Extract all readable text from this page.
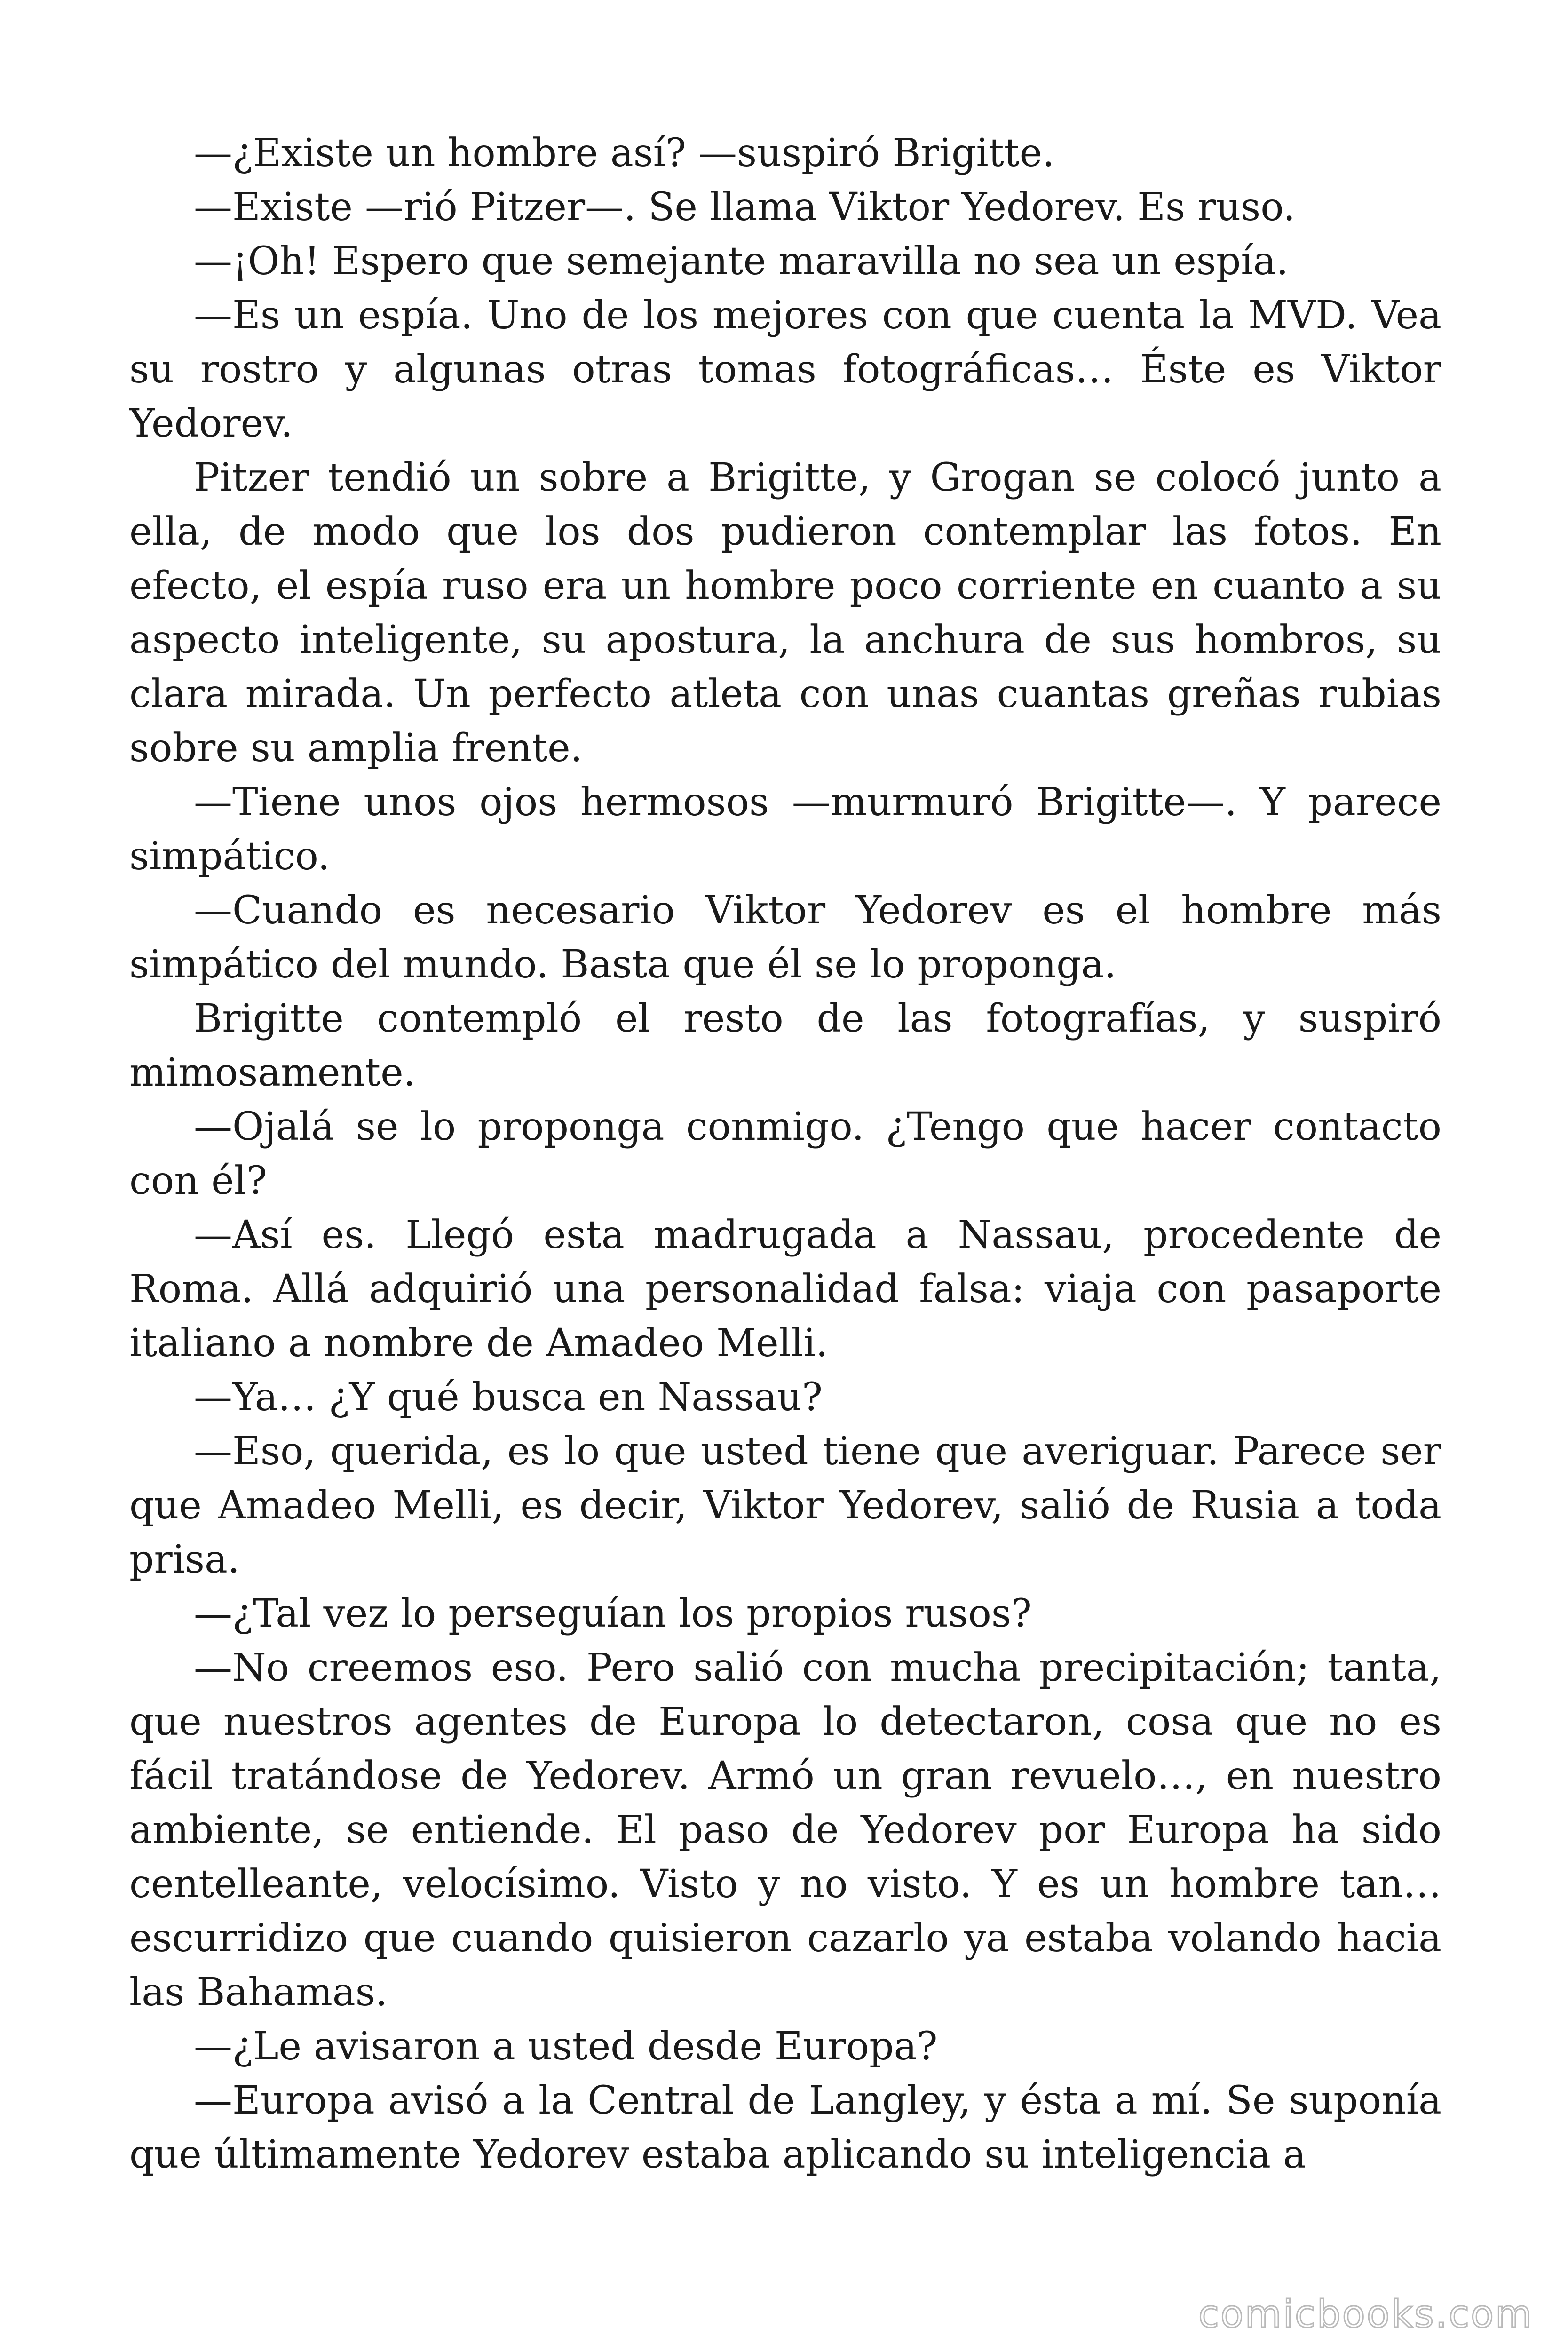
—¿Existe un hombre así? —suspiró Brigitte.

—Existe —rió Pitzer—. Se llama Viktor Yedorev. Es ruso.

—¡Oh! Espero que semejante maravilla no sea un espía.

—Es un espía. Uno de los mejores con que cuenta la MVD. Vea su rostro y algunas otras tomas fotográficas… Éste es Viktor Yedorev.

Pitzer tendió un sobre a Brigitte, y Grogan se colocó junto a ella, de modo que los dos pudieron contemplar las fotos. En efecto, el espía ruso era un hombre poco corriente en cuanto a su aspecto inteligente, su apostura, la anchura de sus hombros, su clara mirada. Un perfecto atleta con unas cuantas greñas rubias sobre su amplia frente.

—Tiene unos ojos hermosos —murmuró Brigitte—. Y parece simpático.

—Cuando es necesario Viktor Yedorev es el hombre más simpático del mundo. Basta que él se lo proponga.

Brigitte contempló el resto de las fotografías, y suspiró mimosamente.

—Ojalá se lo proponga conmigo. ¿Tengo que hacer contacto con él?

—Así es. Llegó esta madrugada a Nassau, procedente de Roma. Allá adquirió una personalidad falsa: viaja con pasaporte italiano a nombre de Amadeo Melli.

—Ya… ¿Y qué busca en Nassau?

—Eso, querida, es lo que usted tiene que averiguar. Parece ser que Amadeo Melli, es decir, Viktor Yedorev, salió de Rusia a toda prisa.

—¿Tal vez lo perseguían los propios rusos?

—No creemos eso. Pero salió con mucha precipitación; tanta, que nuestros agentes de Europa lo detectaron, cosa que no es fácil tratándose de Yedorev. Armó un gran revuelo…, en nuestro ambiente, se entiende. El paso de Yedorev por Europa ha sido centelleante, velocísimo. Visto y no visto. Y es un hombre tan… escurridizo que cuando quisieron cazarlo ya estaba volando hacia las Bahamas.

—¿Le avisaron a usted desde Europa?

—Europa avisó a la Central de Langley, y ésta a mí. Se suponía que últimamente Yedorev estaba aplicando su inteligencia a

comicbooks.com
